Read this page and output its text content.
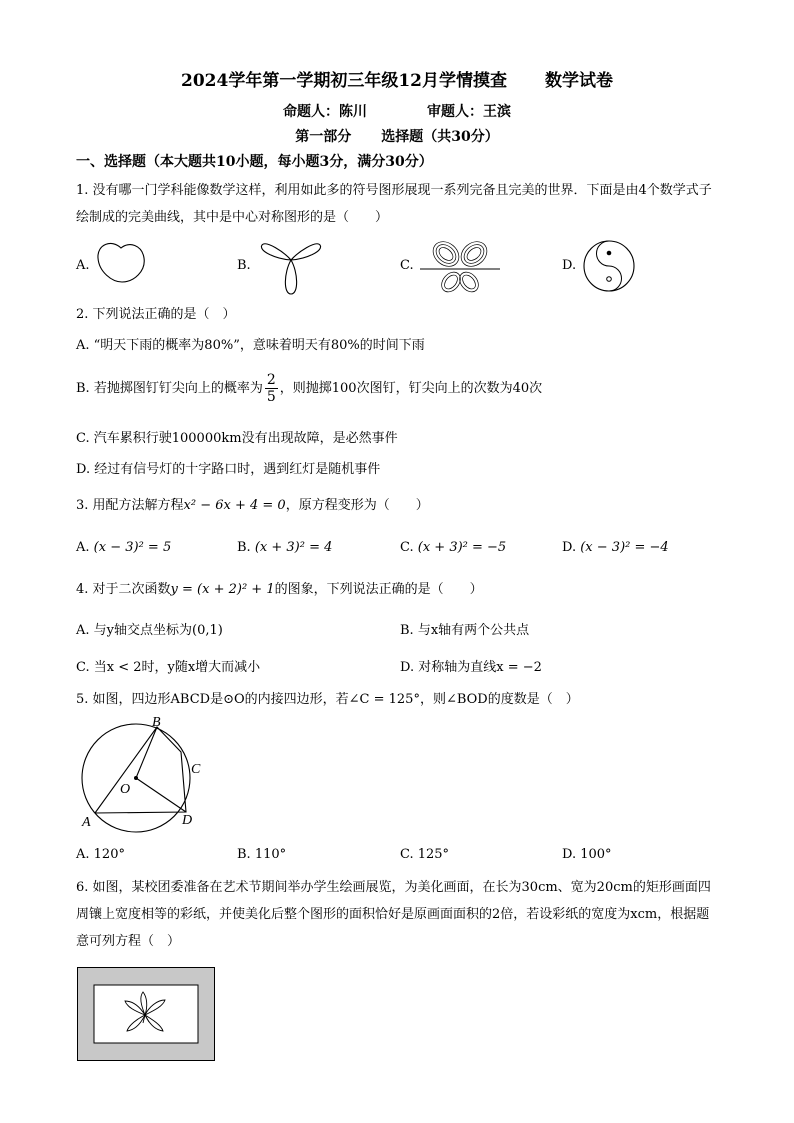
2024学年第一学期初三年级12月学情摸查 数学试卷
命题人：陈川	审题人：王滨
第一部分 选择题（共30分）
一、选择题（本大题共10小题，每小题3分，满分30分）
1. 没有哪一门学科能像数学这样，利用如此多的符号图形展现一系列完备且完美的世界．下面是由4个数学式子绘制成的完美曲线，其中是中心对称图形的是（　　）
A.	B.	C.	D.
2. 下列说法正确的是（　）
A. “明天下雨的概率为80%”，意味着明天有80%的时间下雨
B. 若抛掷图钉钉尖向上的概率为 $\frac{2}{5}$ ，则抛掷100次图钉，钉尖向上的次数为40次
C. 汽车累积行驶100000km没有出现故障，是必然事件
D. 经过有信号灯的十字路口时，遇到红灯是随机事件
3. 用配方法解方程x² − 6x + 4 = 0，原方程变形为（　　）
A. (x − 3)² = 5	B. (x + 3)² = 4	C. (x + 3)² = −5	D. (x − 3)² = −4
4. 对于二次函数y = (x + 2)² + 1的图象，下列说法正确的是（　　）
A. 与y轴交点坐标为(0,1)	B. 与x轴有两个公共点
C. 当x < 2时，y随x增大而减小	D. 对称轴为直线x = −2
5. 如图，四边形ABCD是⊙O的内接四边形，若∠C = 125°，则∠BOD的度数是（　）
A
B
C
D
O
A. 120°	B. 110°	C. 125°	D. 100°
6. 如图，某校团委准备在艺术节期间举办学生绘画展览，为美化画面，在长为30cm、宽为20cm的矩形画面四周镶上宽度相等的彩纸，并使美化后整个图形的面积恰好是原画面面积的2倍，若设彩纸的宽度为xcm，根据题意可列方程（　）
